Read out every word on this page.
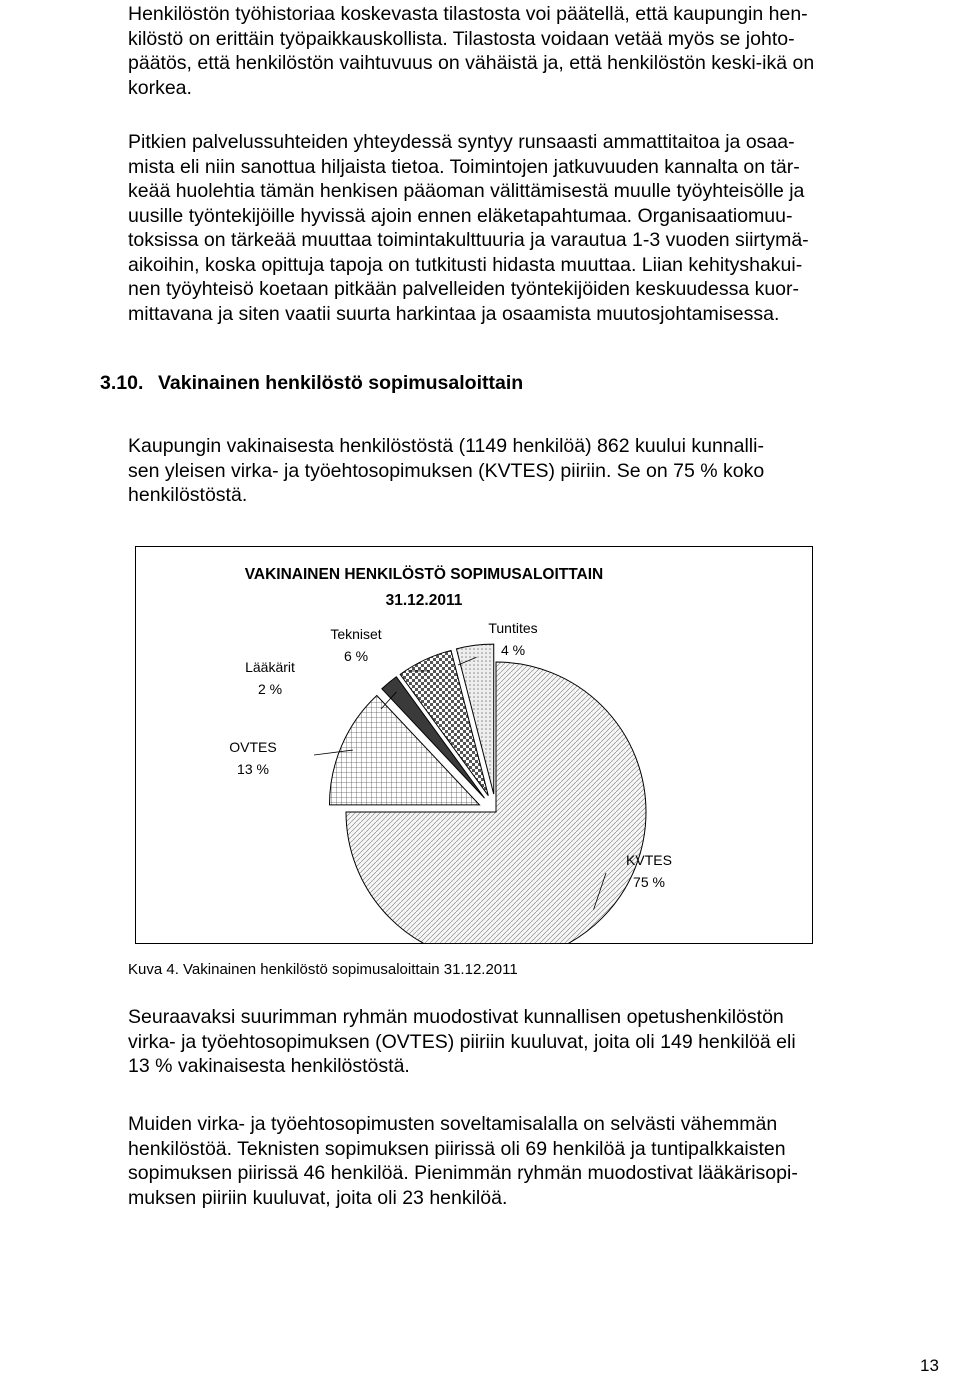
Henkilöstön työhistoriaa koskevasta tilastosta voi päätellä, että kaupungin hen-
kilöstö on erittäin työpaikkauskollista. Tilastosta voidaan vetää myös se johto-
päätös, että henkilöstön vaihtuvuus on vähäistä ja, että henkilöstön keski-ikä on
korkea.

Pitkien palvelussuhteiden yhteydessä syntyy runsaasti ammattitaitoa ja osaa-
mista eli niin sanottua hiljaista tietoa. Toimintojen jatkuvuuden kannalta on tär-
keää huolehtia tämän henkisen pääoman välittämisestä muulle työyhteisölle ja
uusille työntekijöille hyvissä ajoin ennen eläketapahtumaa. Organisaatiomuu-
toksissa on tärkeää muuttaa toimintakulttuuria ja varautua 1-3 vuoden siirtymä-
aikoihin, koska opittuja tapoja on tutkitusti hidasta muuttaa. Liian kehityshakui-
nen työyhteisö koetaan pitkään palvelleiden työntekijöiden keskuudessa kuor-
mittavana ja siten vaatii suurta harkintaa ja osaamista muutosjohtamisessa.

3.10. Vakinainen henkilöstö sopimusaloittain

Kaupungin vakinaisesta henkilöstöstä (1149 henkilöä) 862 kuului kunnalli-
sen yleisen virka- ja työehtosopimuksen (KVTES) piiriin. Se on 75 % koko
henkilöstöstä.

VAKINAINEN HENKILÖSTÖ SOPIMUSALOITTAIN
31.12.2011
KVTES
75 %
OVTES
13 %
Lääkärit
2 %
Tekniset
6 %
Tuntites
4 %

Kuva 4. Vakinainen henkilöstö sopimusaloittain 31.12.2011

Seuraavaksi suurimman ryhmän muodostivat kunnallisen opetushenkilöstön
virka- ja työehtosopimuksen (OVTES) piiriin kuuluvat, joita oli 149 henkilöä eli
13 % vakinaisesta henkilöstöstä.

Muiden virka- ja työehtosopimusten soveltamisalalla on selvästi vähemmän
henkilöstöä. Teknisten sopimuksen piirissä oli 69 henkilöä ja tuntipalkkaisten
sopimuksen piirissä 46 henkilöä. Pienimmän ryhmän muodostivat lääkärisopi-
muksen piiriin kuuluvat, joita oli 23 henkilöä.

13
